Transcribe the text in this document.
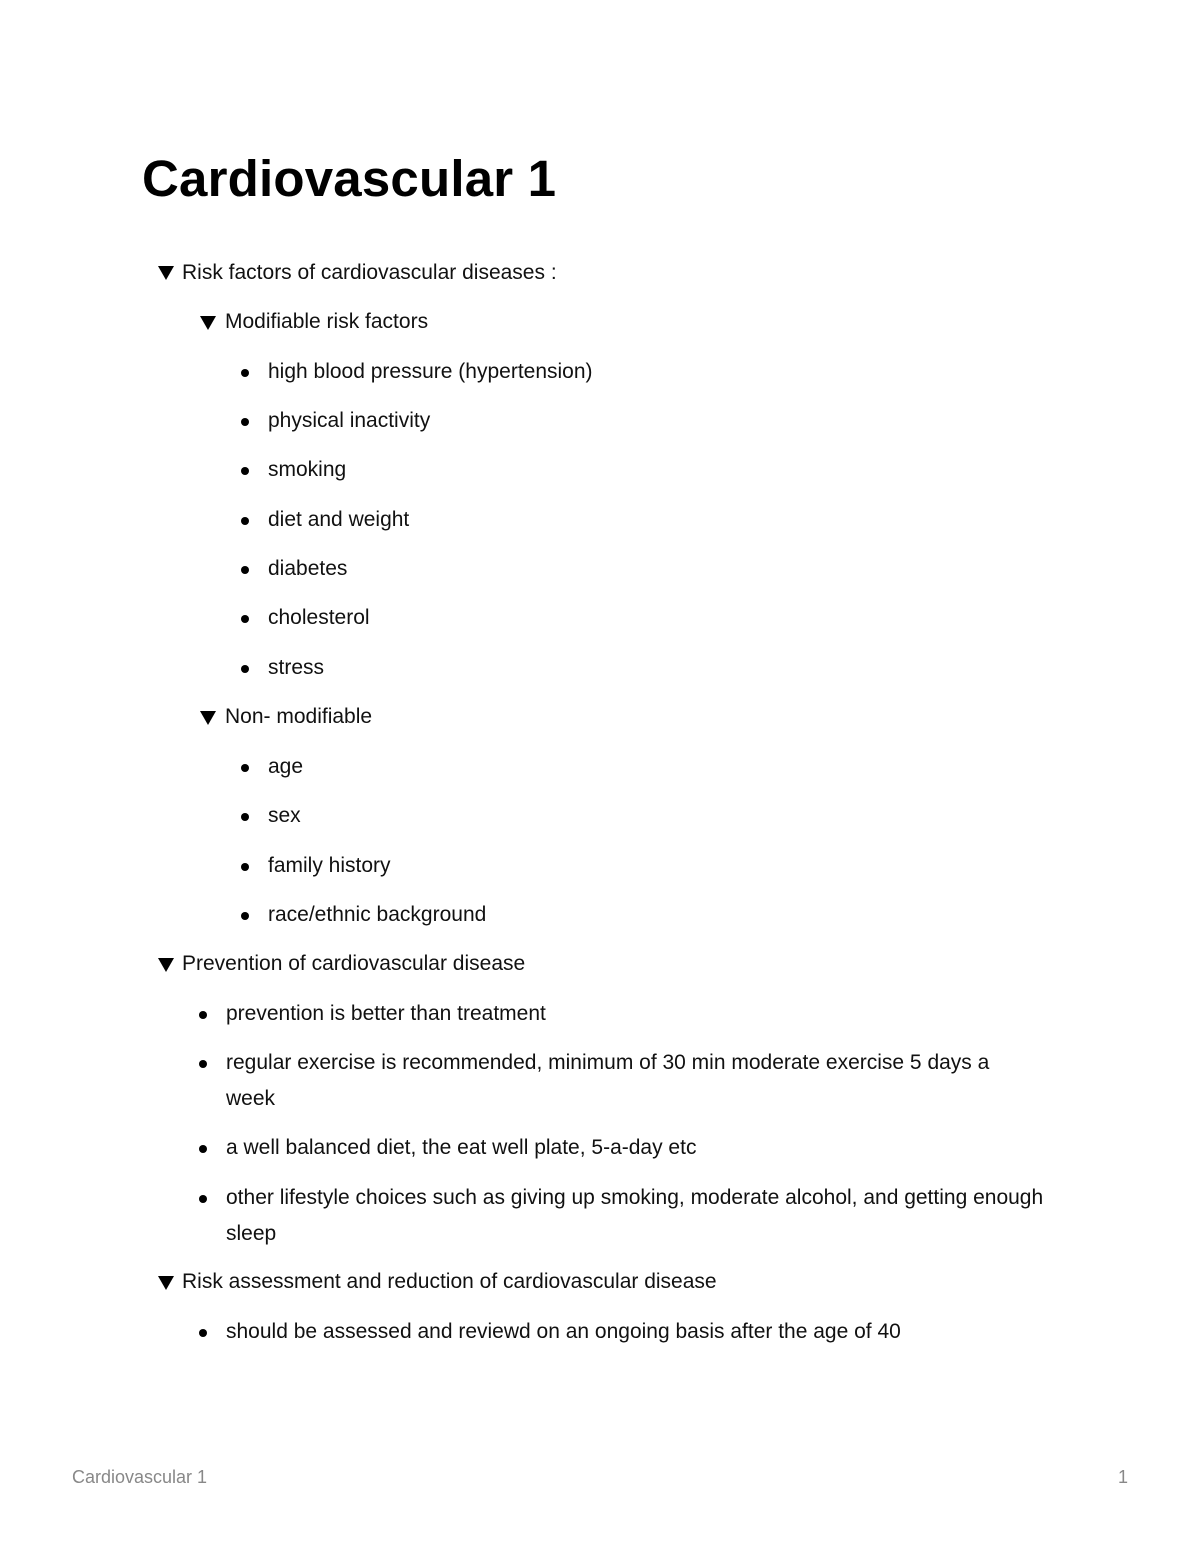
Cardiovascular 1
Risk factors of cardiovascular diseases :
Modifiable risk factors
high blood pressure (hypertension)
physical inactivity
smoking
diet and weight
diabetes
cholesterol
stress
Non- modifiable
age
sex
family history
race/ethnic background
Prevention of cardiovascular disease
prevention is better than treatment
regular exercise is recommended, minimum of 30 min moderate exercise 5 days a week
a well balanced diet, the eat well plate, 5-a-day etc
other lifestyle choices such as giving up smoking, moderate alcohol, and getting enough sleep
Risk assessment and reduction of cardiovascular disease
should be assessed and reviewd on an ongoing basis after the age of 40
Cardiovascular 1	1
